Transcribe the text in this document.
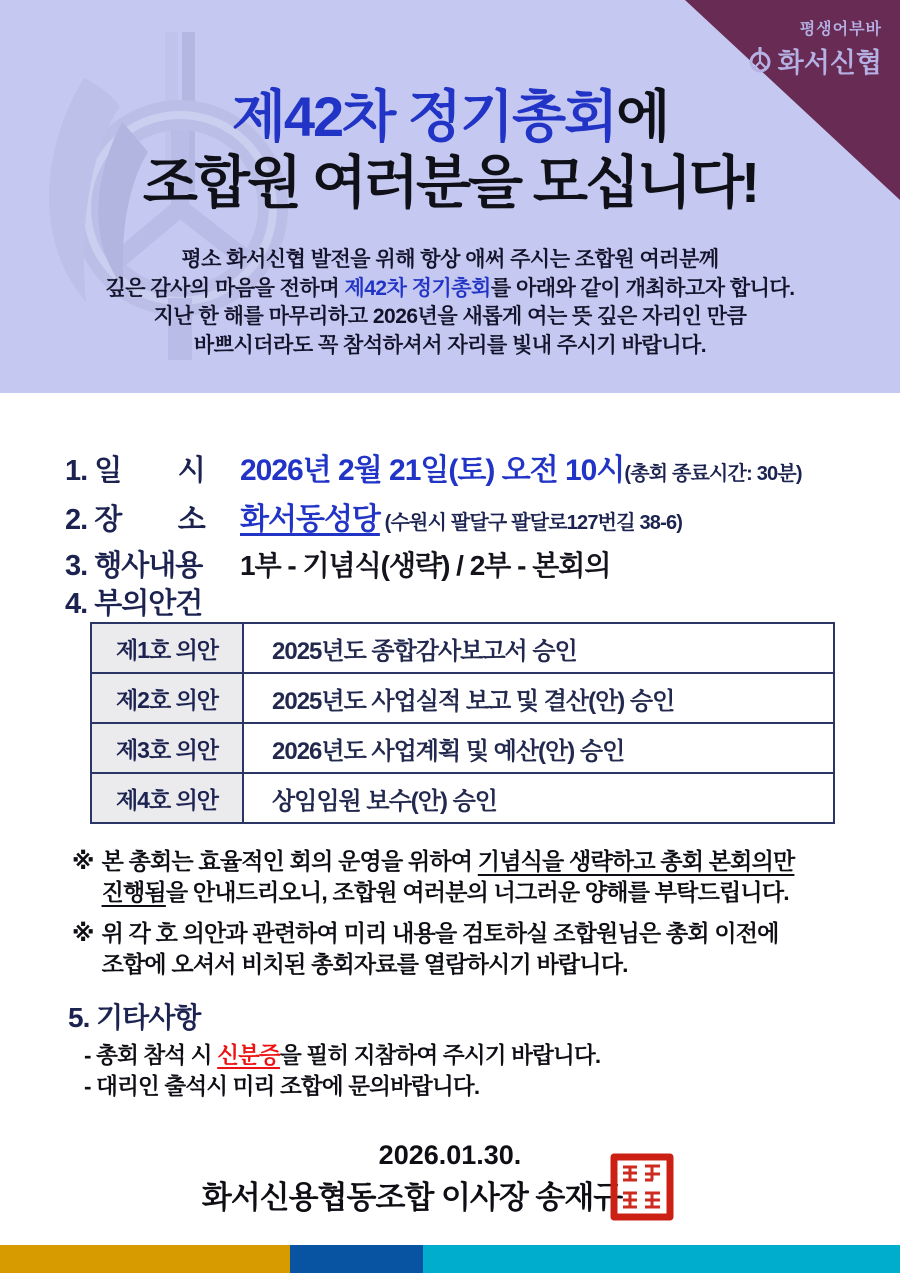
평생어부바
화서신협
제42차 정기총회에
조합원 여러분을 모십니다!
평소 화서신협 발전을 위해 항상 애써 주시는 조합원 여러분께
깊은 감사의 마음을 전하며 제42차 정기총회를 아래와 같이 개최하고자 합니다.
지난 한 해를 마무리하고 2026년을 새롭게 여는 뜻 깊은 자리인 만큼
바쁘시더라도 꼭 참석하셔서 자리를 빛내 주시기 바랍니다.
1. 일        시	2026년 2월 21일(토) 오전 10시 (총회 종료시간: 30분)
2. 장        소	화서동성당 (수원시 팔달구 팔달로127번길 38-6)
3. 행사내용	1부 - 기념식(생략) / 2부 - 본회의
4. 부의안건
제1호 의안	2025년도 종합감사보고서 승인
제2호 의안	2025년도 사업실적 보고 및 결산(안) 승인
제3호 의안	2026년도 사업계획 및 예산(안) 승인
제4호 의안	상임임원 보수(안) 승인
※ 본 총회는 효율적인 회의 운영을 위하여 기념식을 생략하고 총회 본회의만
진행됨을 안내드리오니, 조합원 여러분의 너그러운 양해를 부탁드립니다.
※ 위 각 호 의안과 관련하여 미리 내용을 검토하실 조합원님은 총회 이전에
조합에 오셔서 비치된 총회자료를 열람하시기 바랍니다.
5. 기타사항
- 총회 참석 시 신분증을 필히 지참하여 주시기 바랍니다.
- 대리인 출석시 미리 조합에 문의바랍니다.
2026.01.30.
화서신용협동조합 이사장 송재규
